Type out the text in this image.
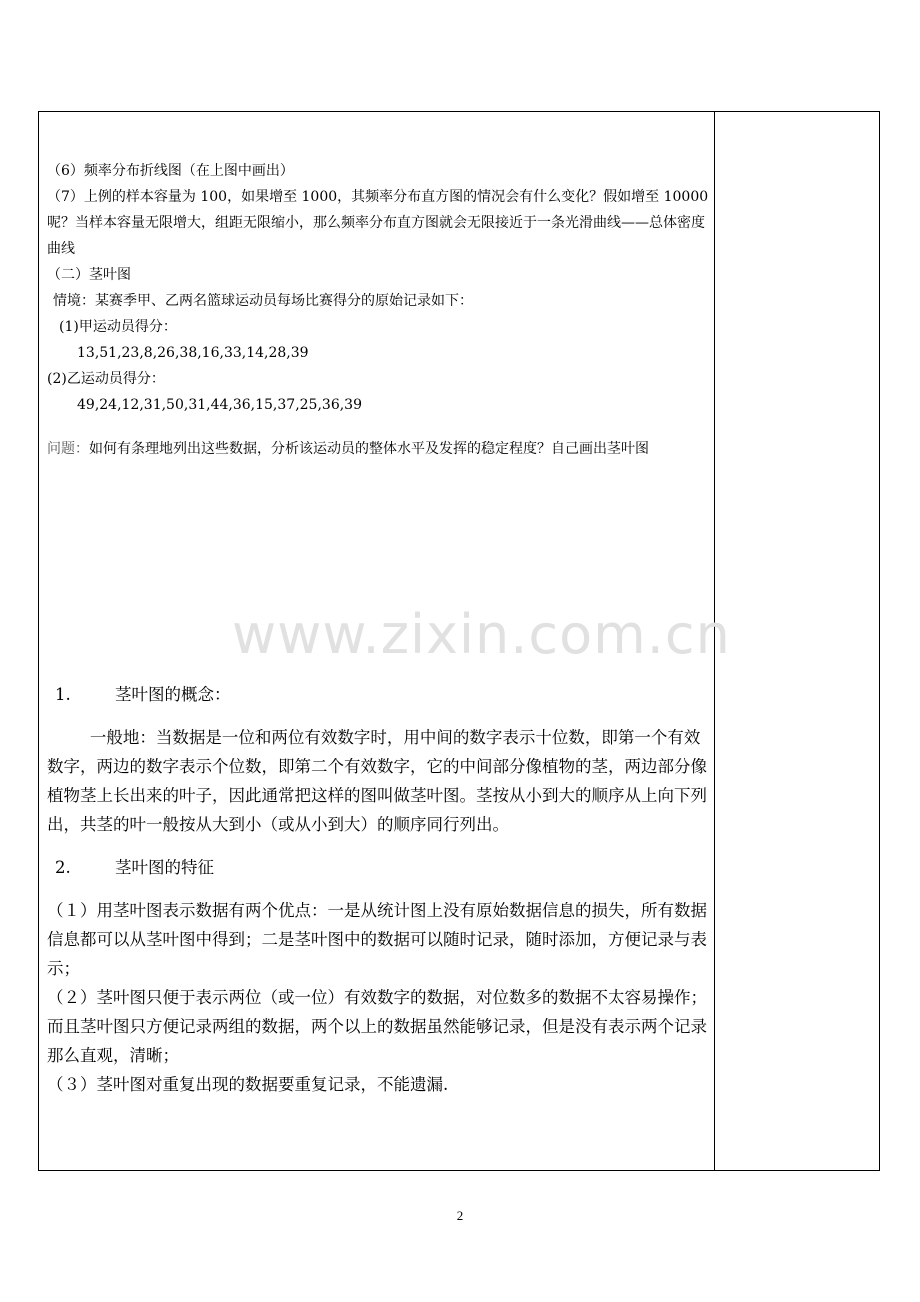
（6）频率分布折线图（在上图中画出）

（7）上例的样本容量为 100，如果增至 1000，其频率分布直方图的情况会有什么变化？假如增至 10000 呢？当样本容量无限增大，组距无限缩小，那么频率分布直方图就会无限接近于一条光滑曲线——总体密度曲线

（二）茎叶图

情境：某赛季甲、乙两名篮球运动员每场比赛得分的原始记录如下：

(1)甲运动员得分：

13,51,23,8,26,38,16,33,14,28,39

(2)乙运动员得分：

49,24,12,31,50,31,44,36,15,37,25,36,39

问题：如何有条理地列出这些数据，分析该运动员的整体水平及发挥的稳定程度？自己画出茎叶图

1.	茎叶图的概念：

一般地：当数据是一位和两位有效数字时，用中间的数字表示十位数，即第一个有效数字，两边的数字表示个位数，即第二个有效数字，它的中间部分像植物的茎，两边部分像植物茎上长出来的叶子，因此通常把这样的图叫做茎叶图。茎按从小到大的顺序从上向下列出，共茎的叶一般按从大到小（或从小到大）的顺序同行列出。

2.	茎叶图的特征

（１）用茎叶图表示数据有两个优点：一是从统计图上没有原始数据信息的损失，所有数据信息都可以从茎叶图中得到；二是茎叶图中的数据可以随时记录，随时添加，方便记录与表示；

（２）茎叶图只便于表示两位（或一位）有效数字的数据，对位数多的数据不太容易操作；而且茎叶图只方便记录两组的数据，两个以上的数据虽然能够记录，但是没有表示两个记录那么直观，清晰；

（３）茎叶图对重复出现的数据要重复记录，不能遗漏.

www.zixin.com.cn
2
